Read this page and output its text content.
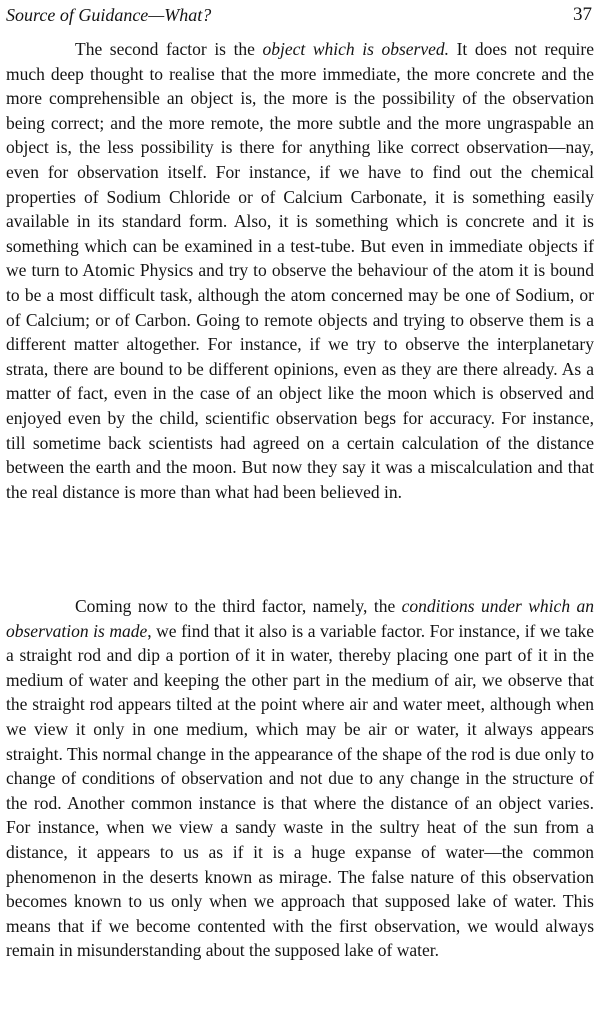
Source of Guidance—What?	37

The second factor is the object which is observed. It does not require much deep thought to realise that the more immediate, the more concrete and the more comprehensible an object is, the more is the possibility of the observation being correct; and the more remote, the more subtle and the more ungraspable an object is, the less possibility is there for anything like correct observation—nay, even for observation itself. For instance, if we have to find out the chemical properties of Sodium Chloride or of Calcium Carbonate, it is something easily available in its standard form. Also, it is something which is concrete and it is something which can be examined in a test-tube. But even in immediate objects if we turn to Atomic Physics and try to observe the behaviour of the atom it is bound to be a most difficult task, although the atom concerned may be one of Sodium, or of Calcium; or of Carbon. Going to remote objects and trying to observe them is a different matter altogether. For instance, if we try to observe the interplanetary strata, there are bound to be different opinions, even as they are there already. As a matter of fact, even in the case of an object like the moon which is observed and enjoyed even by the child, scientific observation begs for accuracy. For instance, till sometime back scientists had agreed on a certain calculation of the distance between the earth and the moon. But now they say it was a miscalculation and that the real distance is more than what had been believed in.

Coming now to the third factor, namely, the conditions under which an observation is made, we find that it also is a variable factor. For instance, if we take a straight rod and dip a portion of it in water, thereby placing one part of it in the medium of water and keeping the other part in the medium of air, we observe that the straight rod appears tilted at the point where air and water meet, although when we view it only in one medium, which may be air or water, it always appears straight. This normal change in the appearance of the shape of the rod is due only to change of conditions of observation and not due to any change in the structure of the rod. Another common instance is that where the distance of an object varies. For instance, when we view a sandy waste in the sultry heat of the sun from a distance, it appears to us as if it is a huge expanse of water—the common phenomenon in the deserts known as mirage. The false nature of this observation becomes known to us only when we approach that supposed lake of water. This means that if we become contented with the first observation, we would always remain in misunderstanding about the supposed lake of water.
